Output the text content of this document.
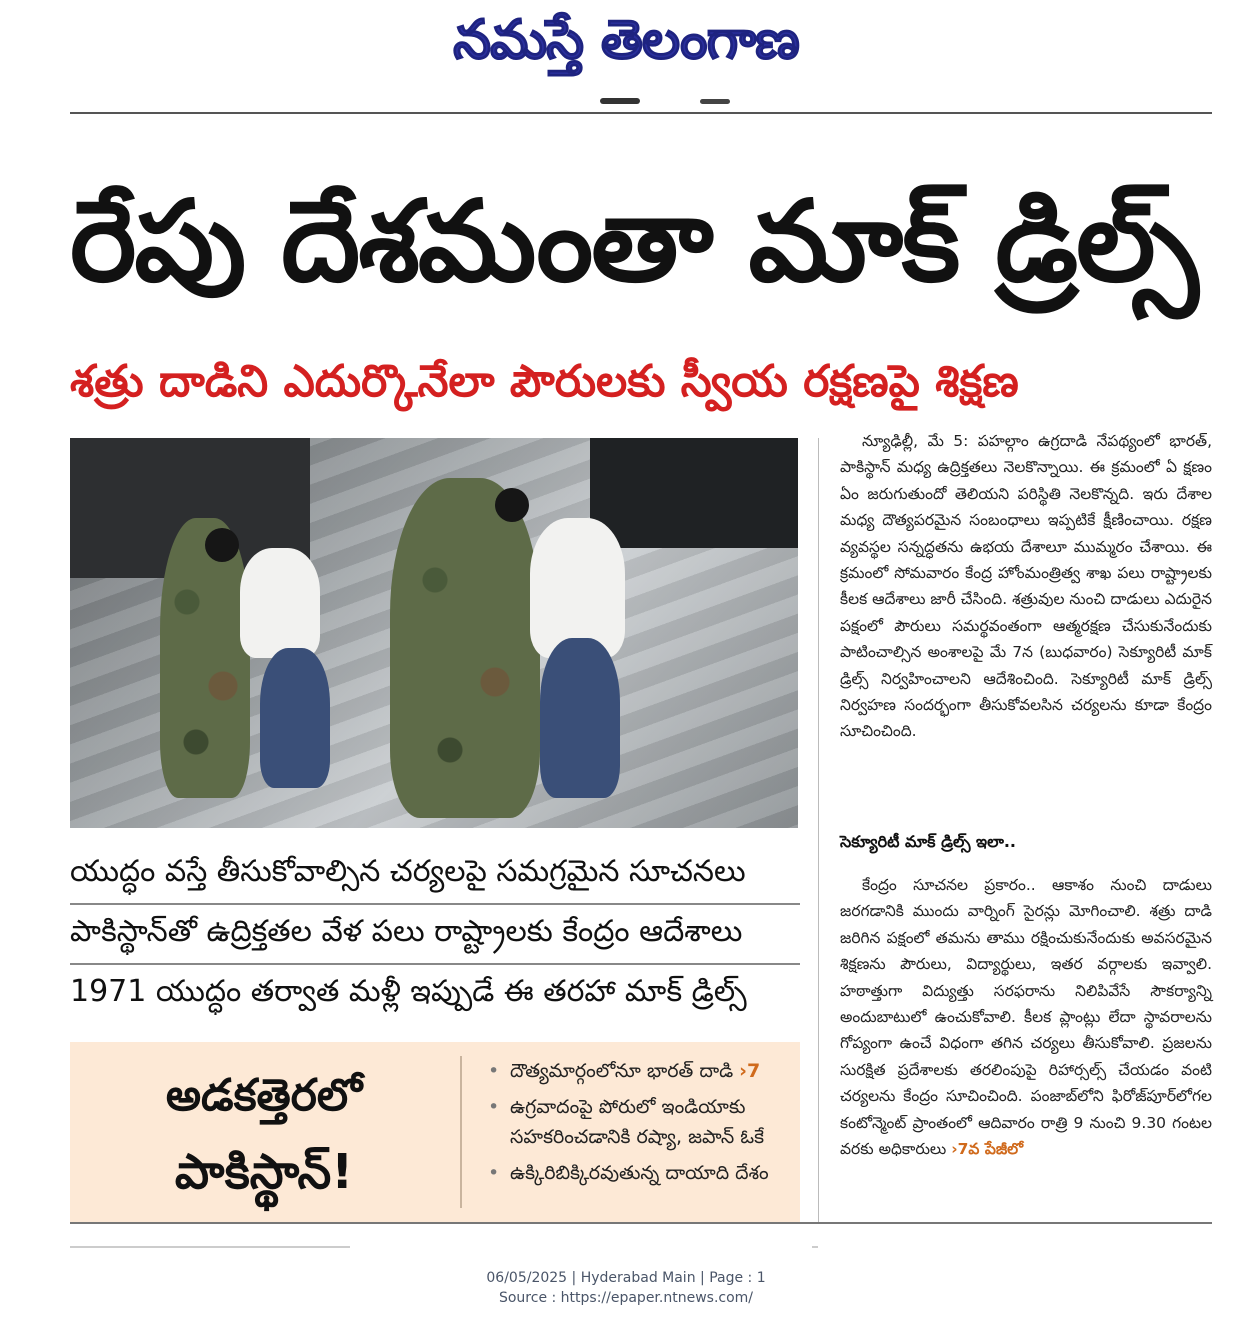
నమస్తే తెలంగాణ
రేపు దేశమంతా మాక్ డ్రిల్స్
శత్రు దాడిని ఎదుర్కొనేలా పౌరులకు స్వీయ రక్షణపై శిక్షణ
యుద్ధం వస్తే తీసుకోవాల్సిన చర్యలపై సమగ్రమైన సూచనలు
పాకిస్థాన్‌తో ఉద్రిక్తతల వేళ పలు రాష్ట్రాలకు కేంద్రం ఆదేశాలు
1971 యుద్ధం తర్వాత మళ్లీ ఇప్పుడే ఈ తరహా మాక్ డ్రిల్స్
అడకత్తెరలో
పాకిస్థాన్!
• దౌత్యమార్గంలోనూ భారత్ దాడి ›7
• ఉగ్రవాదంపై పోరులో ఇండియాకు సహకరించడానికి రష్యా, జపాన్ ఓకే
• ఉక్కిరిబిక్కిరవుతున్న దాయాది దేశం

న్యూఢిల్లీ, మే 5: పహల్గాం ఉగ్రదాడి నేపథ్యంలో భారత్, పాకిస్థాన్ మధ్య ఉద్రిక్తతలు నెలకొన్నాయి. ఈ క్రమంలో ఏ క్షణం ఏం జరుగుతుందో తెలియని పరిస్థితి నెలకొన్నది. ఇరు దేశాల మధ్య దౌత్యపరమైన సంబంధాలు ఇప్పటికే క్షీణించాయి. రక్షణ వ్యవస్థల సన్నద్ధతను ఉభయ దేశాలూ ముమ్మరం చేశాయి. ఈ క్రమంలో సోమవారం కేంద్ర హోంమంత్రిత్వ శాఖ పలు రాష్ట్రాలకు కీలక ఆదేశాలు జారీ చేసింది. శత్రువుల నుంచి దాడులు ఎదురైన పక్షంలో పౌరులు సమర్థవంతంగా ఆత్మరక్షణ చేసుకునేందుకు పాటించాల్సిన అంశాలపై మే 7న (బుధవారం) సెక్యూరిటీ మాక్ డ్రిల్స్ నిర్వహించాలని ఆదేశించింది. సెక్యూరిటీ మాక్ డ్రిల్స్ నిర్వహణ సందర్భంగా తీసుకోవలసిన చర్యలను కూడా కేంద్రం సూచించింది.

సెక్యూరిటీ మాక్ డ్రిల్స్ ఇలా..

కేంద్రం సూచనల ప్రకారం.. ఆకాశం నుంచి దాడులు జరగడానికి ముందు వార్నింగ్ సైరన్లు మోగించాలి. శత్రు దాడి జరిగిన పక్షంలో తమను తాము రక్షించుకునేందుకు అవసరమైన శిక్షణను పౌరులు, విద్యార్థులు, ఇతర వర్గాలకు ఇవ్వాలి. హఠాత్తుగా విద్యుత్తు సరఫరాను నిలిపివేసే సౌకర్యాన్ని అందుబాటులో ఉంచుకోవాలి. కీలక ప్లాంట్లు లేదా స్థావరాలను గోప్యంగా ఉంచే విధంగా తగిన చర్యలు తీసుకోవాలి. ప్రజలను సురక్షిత ప్రదేశాలకు తరలింపుపై రిహార్సల్స్ చేయడం వంటి చర్యలను కేంద్రం సూచించింది. పంజాబ్‌లోని ఫిరోజ్‌పూర్‌లోగల కంటోన్మెంట్ ప్రాంతంలో ఆదివారం రాత్రి 9 నుంచి 9.30 గంటల వరకు అధికారులు ›7వ పేజీలో

06/05/2025 | Hyderabad Main | Page : 1
Source : https://epaper.ntnews.com/
